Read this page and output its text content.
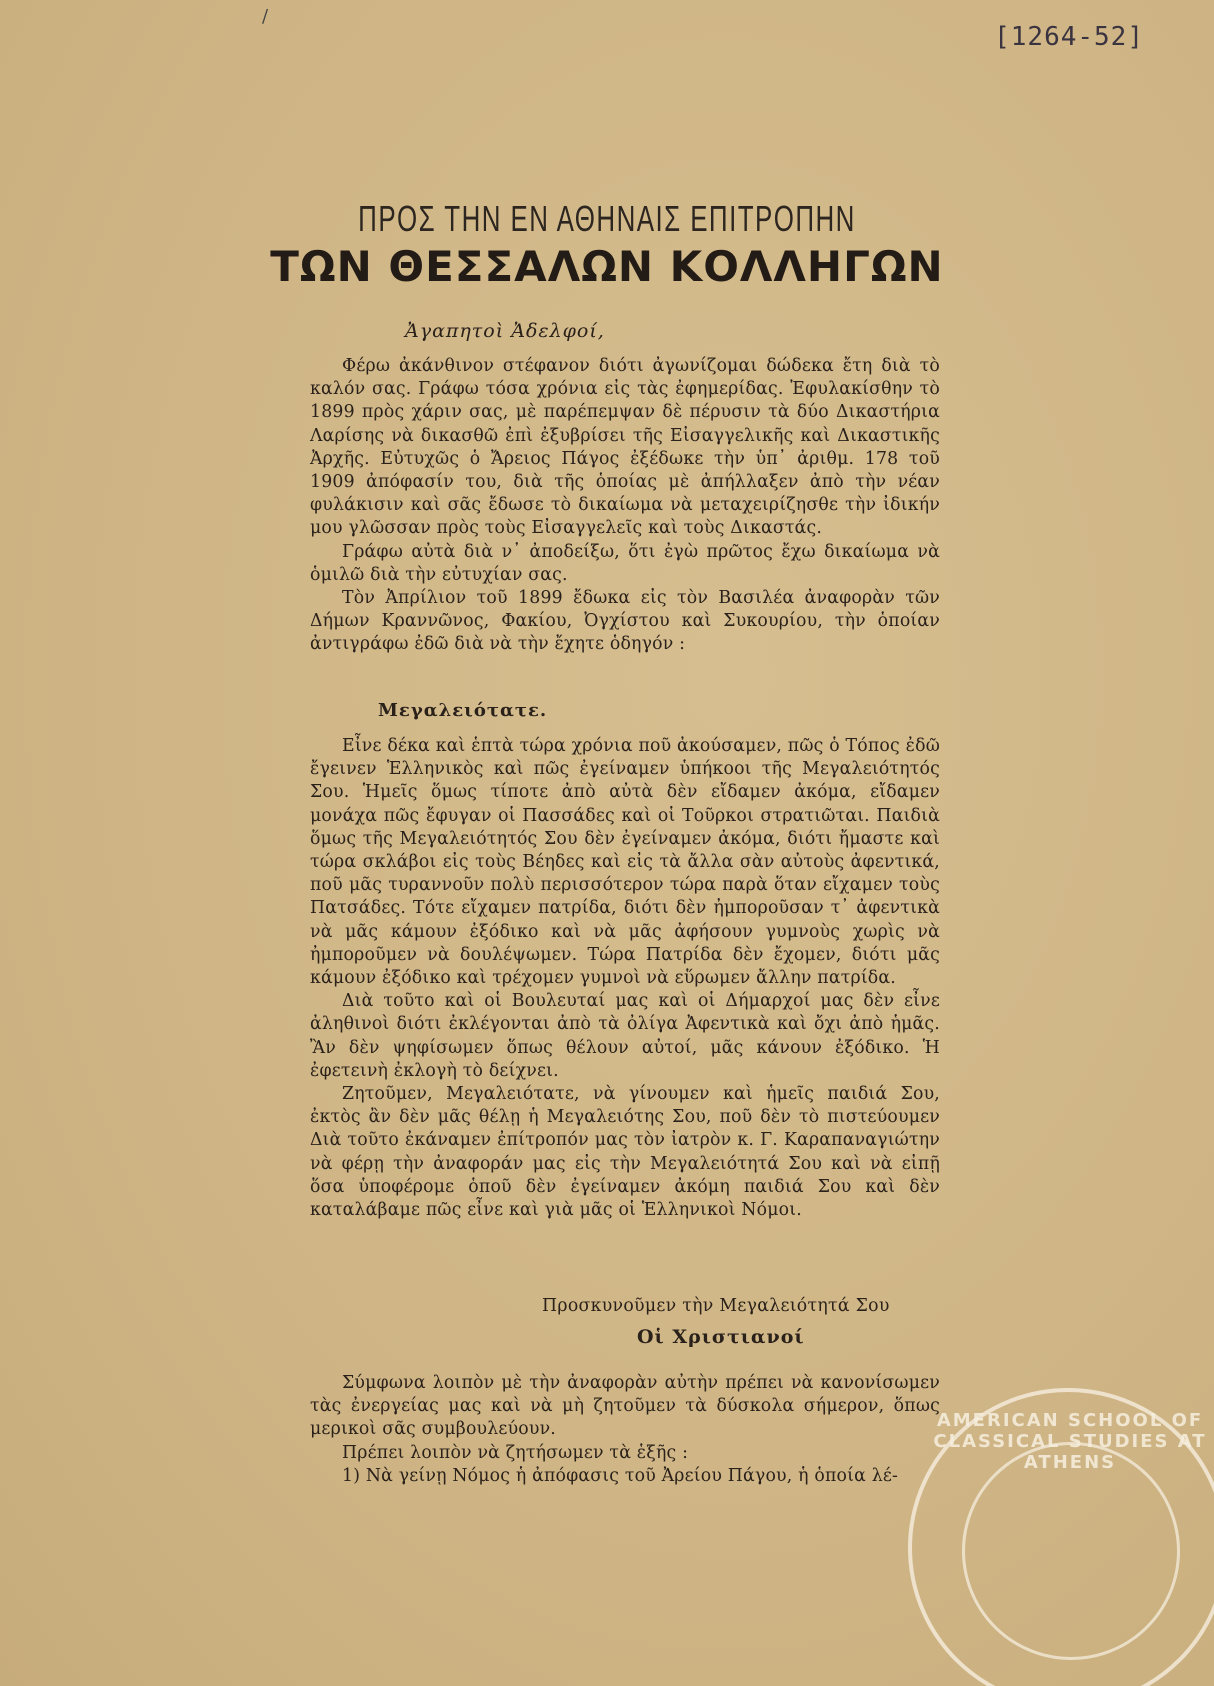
/
[1264-52]
ΠΡΟΣ ΤΗΝ ΕΝ ΑΘΗΝΑΙΣ ΕΠΙΤΡΟΠΗΝ
ΤΩΝ ΘΕΣΣΑΛΩΝ ΚΟΛΛΗΓΩΝ
Ἀγαπητοὶ Ἀδελφοί,

Φέρω ἀκάνθινον στέφανον διότι ἀγωνίζομαι δώδεκα ἔτη διὰ τὸ καλόν σας. Γράφω τόσα χρόνια εἰς τὰς ἐφημερίδας. Ἐφυλακίσθην τὸ 1899 πρὸς χάριν σας, μὲ παρέπεμψαν δὲ πέρυσιν τὰ δύο Δικαστήρια Λαρίσης νὰ δικασθῶ ἐπὶ ἐξυβρίσει τῆς Εἰσαγγελικῆς καὶ Δικαστικῆς Ἀρχῆς. Εὐτυχῶς ὁ Ἄρειος Πάγος ἐξέδωκε τὴν ὑπ᾽ ἀριθμ. 178 τοῦ 1909 ἀπόφασίν του, διὰ τῆς ὁποίας μὲ ἀπήλλαξεν ἀπὸ τὴν νέαν φυλάκισιν καὶ σᾶς ἔδωσε τὸ δικαίωμα νὰ μεταχειρίζησθε τὴν ἰδικήν μου γλῶσσαν πρὸς τοὺς Εἰσαγγελεῖς καὶ τοὺς Δικαστάς.

Γράφω αὐτὰ διὰ ν᾽ ἀποδείξω, ὅτι ἐγὼ πρῶτος ἔχω δικαίωμα νὰ ὁμιλῶ διὰ τὴν εὐτυχίαν σας.

Τὸν Ἀπρίλιον τοῦ 1899 ἔδωκα εἰς τὸν Βασιλέα ἀναφορὰν τῶν Δήμων Κραννῶνος, Φακίου, Ὀγχίστου καὶ Συκουρίου, τὴν ὁποίαν ἀντιγράφω ἐδῶ διὰ νὰ τὴν ἔχητε ὁδηγόν :

Μεγαλειότατε.

Εἶνε δέκα καὶ ἑπτὰ τώρα χρόνια ποῦ ἀκούσαμεν, πῶς ὁ Τόπος ἐδῶ ἔγεινεν Ἑλληνικὸς καὶ πῶς ἐγείναμεν ὑπήκοοι τῆς Μεγαλειότητός Σου. Ἡμεῖς ὅμως τίποτε ἀπὸ αὐτὰ δὲν εἴδαμεν ἀκόμα, εἴδαμεν μονάχα πῶς ἔφυγαν οἱ Πασσάδες καὶ οἱ Τοῦρκοι στρατιῶται. Παιδιὰ ὅμως τῆς Μεγαλειότητός Σου δὲν ἐγείναμεν ἀκόμα, διότι ἤμαστε καὶ τώρα σκλάβοι εἰς τοὺς Βέηδες καὶ εἰς τὰ ἄλλα σὰν αὐτοὺς ἀφεντικά, ποῦ μᾶς τυραννοῦν πολὺ περισσότερον τώρα παρὰ ὅταν εἴχαμεν τοὺς Πατσάδες. Τότε εἴχαμεν πατρίδα, διότι δὲν ἠμποροῦσαν τ᾽ ἀφεντικὰ νὰ μᾶς κάμουν ἐξόδικο καὶ νὰ μᾶς ἀφήσουν γυμνοὺς χωρὶς νὰ ἠμποροῦμεν νὰ δουλέψωμεν. Τώρα Πατρίδα δὲν ἔχομεν, διότι μᾶς κάμουν ἐξόδικο καὶ τρέχομεν γυμνοὶ νὰ εὕρωμεν ἄλλην πατρίδα.

Διὰ τοῦτο καὶ οἱ Βουλευταί μας καὶ οἱ Δήμαρχοί μας δὲν εἶνε ἀληθινοὶ διότι ἐκλέγονται ἀπὸ τὰ ὀλίγα Ἀφεντικὰ καὶ ὄχι ἀπὸ ἡμᾶς. Ἂν δὲν ψηφίσωμεν ὅπως θέλουν αὐτοί, μᾶς κάνουν ἐξόδικο. Ἡ ἐφετεινὴ ἐκλογὴ τὸ δείχνει.

Ζητοῦμεν, Μεγαλειότατε, νὰ γίνουμεν καὶ ἡμεῖς παιδιά Σου, ἐκτὸς ἂν δὲν μᾶς θέλῃ ἡ Μεγαλειότης Σου, ποῦ δὲν τὸ πιστεύουμεν Διὰ τοῦτο ἐκάναμεν ἐπίτροπόν μας τὸν ἰατρὸν κ. Γ. Καραπαναγιώτην νὰ φέρῃ τὴν ἀναφοράν μας εἰς τὴν Μεγαλειότητά Σου καὶ νὰ εἰπῇ ὅσα ὑποφέρομε ὁποῦ δὲν ἐγείναμεν ἀκόμη παιδιά Σου καὶ δὲν καταλάβαμε πῶς εἶνε καὶ γιὰ μᾶς οἱ Ἑλληνικοὶ Νόμοι.

Προσκυνοῦμεν τὴν Μεγαλειότητά Σου
Οἱ Χριστιανοί

Σύμφωνα λοιπὸν μὲ τὴν ἀναφορὰν αὐτὴν πρέπει νὰ κανονίσωμεν τὰς ἐνεργείας μας καὶ νὰ μὴ ζητοῦμεν τὰ δύσκολα σήμερον, ὅπως μερικοὶ σᾶς συμβουλεύουν.

Πρέπει λοιπὸν νὰ ζητήσωμεν τὰ ἑξῆς :

1) Νὰ γείνῃ Νόμος ἡ ἀπόφασις τοῦ Ἀρείου Πάγου, ἡ ὁποία λέ-

AMERICAN SCHOOL OF CLASSICAL STUDIES AT ATHENS
